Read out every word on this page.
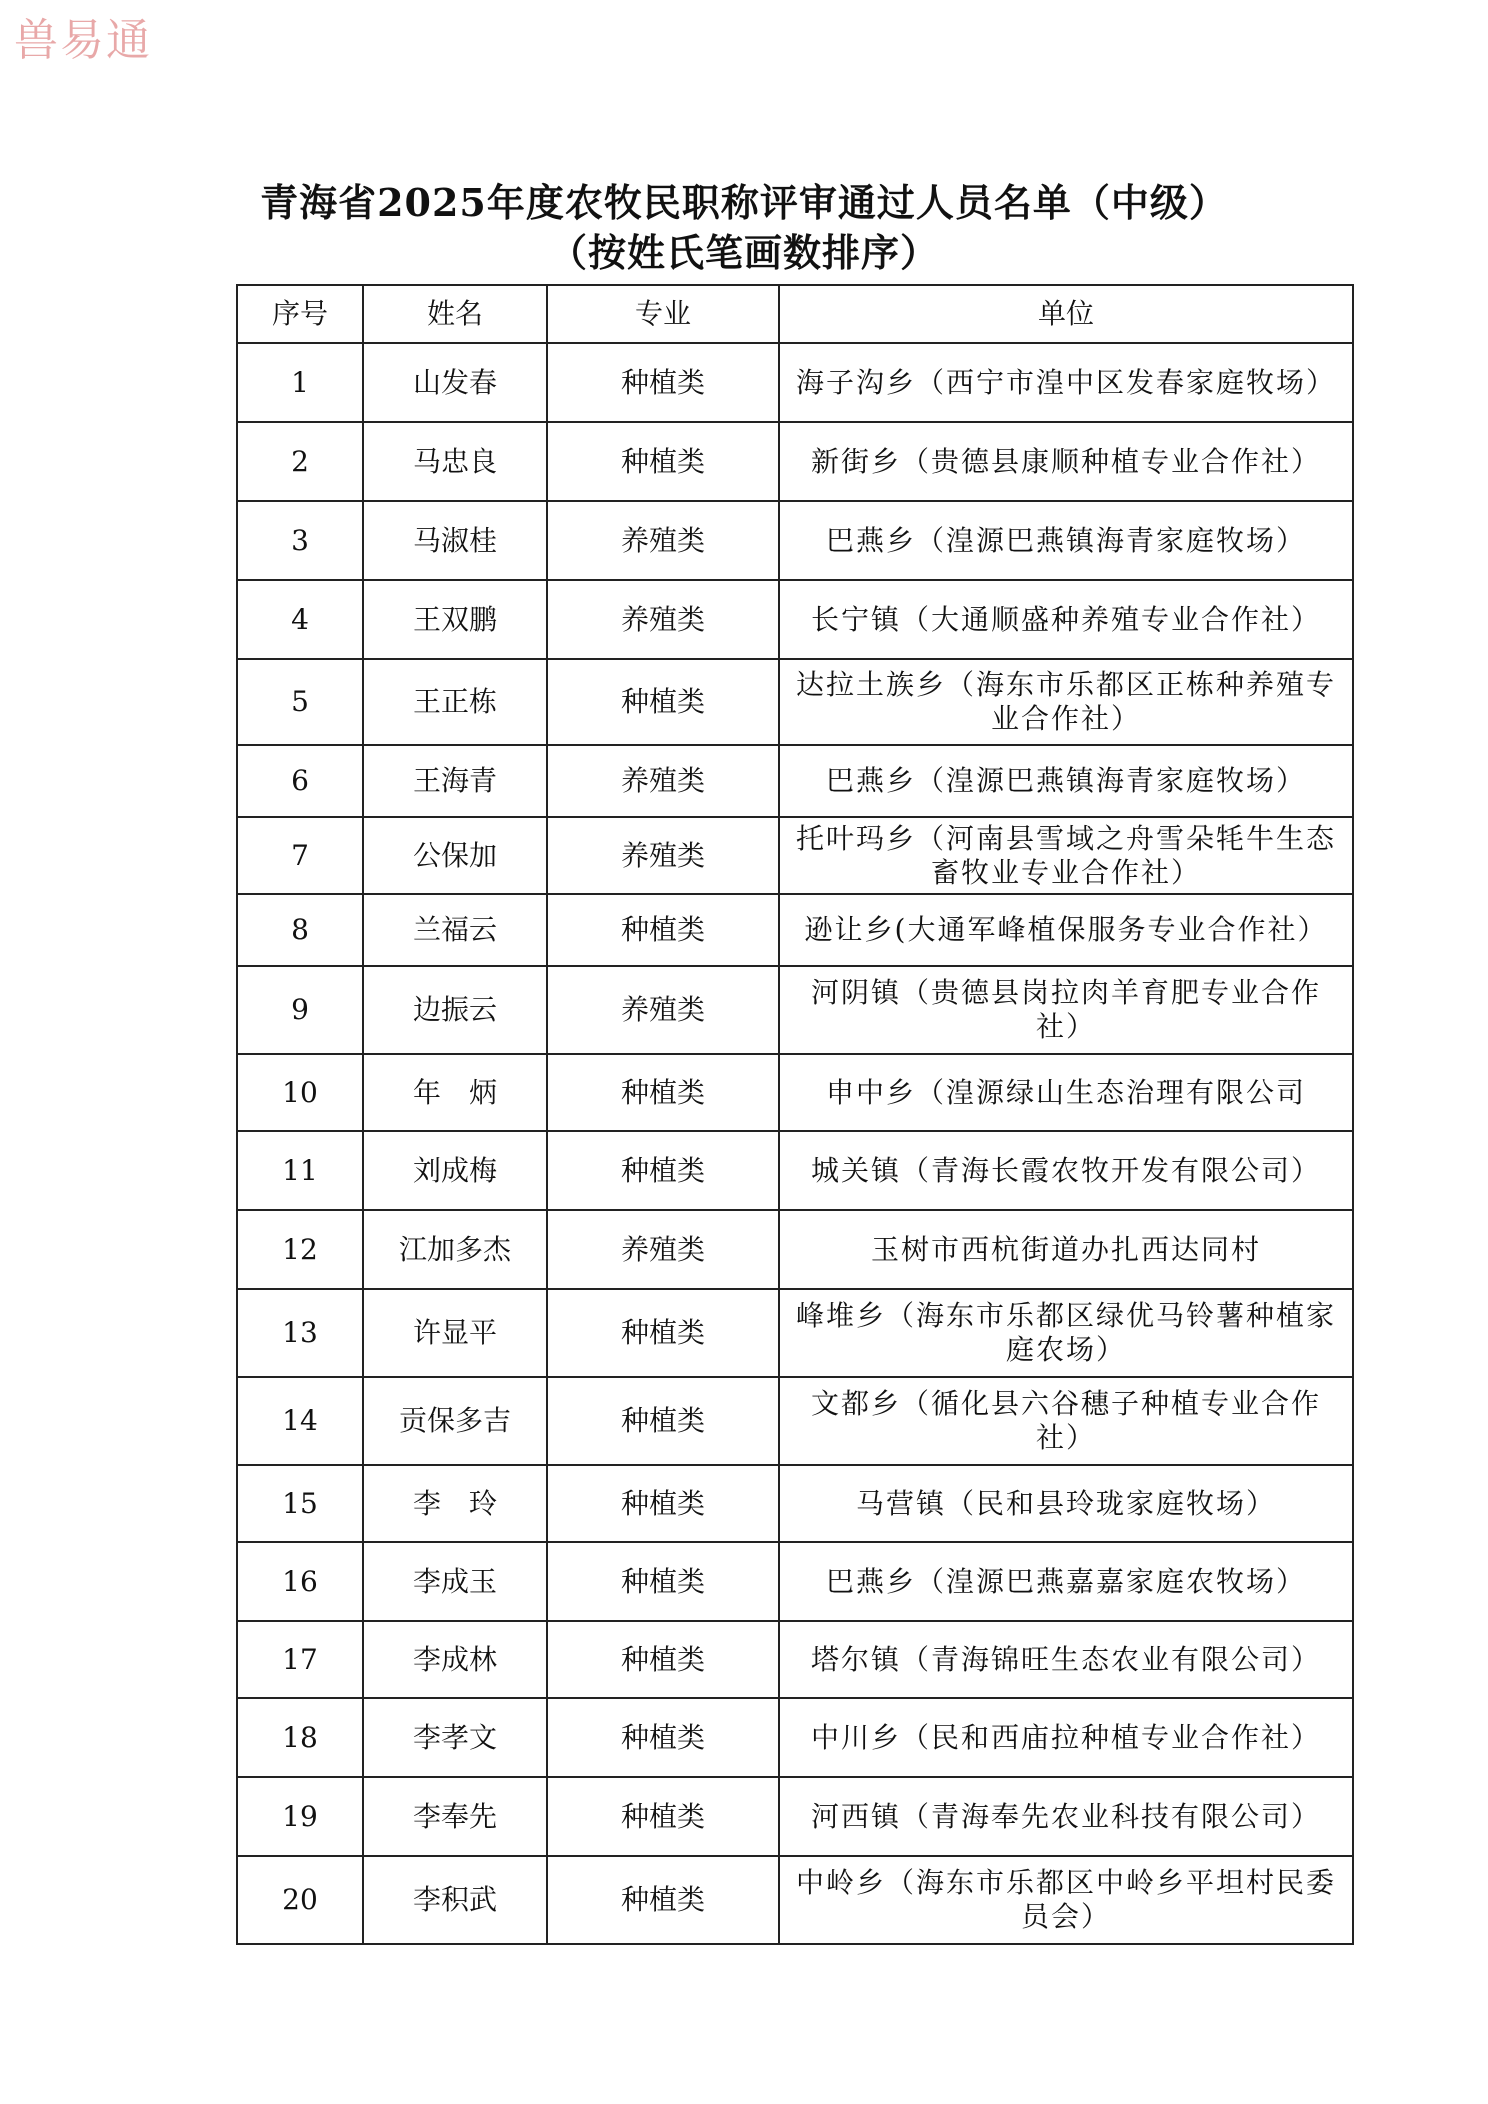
兽易通
青海省2025年度农牧民职称评审通过人员名单（中级）
（按姓氏笔画数排序）
序号	姓名	专业	单位
1	山发春	种植类	海子沟乡（西宁市湟中区发春家庭牧场）
2	马忠良	种植类	新街乡（贵德县康顺种植专业合作社）
3	马淑桂	养殖类	巴燕乡（湟源巴燕镇海青家庭牧场）
4	王双鹏	养殖类	长宁镇（大通顺盛种养殖专业合作社）
5	王正栋	种植类	达拉土族乡（海东市乐都区正栋种养殖专业合作社）
6	王海青	养殖类	巴燕乡（湟源巴燕镇海青家庭牧场）
7	公保加	养殖类	托叶玛乡（河南县雪域之舟雪朵牦牛生态畜牧业专业合作社）
8	兰福云	种植类	逊让乡(大通军峰植保服务专业合作社）
9	边振云	养殖类	河阴镇（贵德县岗拉肉羊育肥专业合作社）
10	年　炳	种植类	申中乡（湟源绿山生态治理有限公司
11	刘成梅	种植类	城关镇（青海长霞农牧开发有限公司）
12	江加多杰	养殖类	玉树市西杭街道办扎西达同村
13	许显平	种植类	峰堆乡（海东市乐都区绿优马铃薯种植家庭农场）
14	贡保多吉	种植类	文都乡（循化县六谷穗子种植专业合作社）
15	李　玲	种植类	马营镇（民和县玲珑家庭牧场）
16	李成玉	种植类	巴燕乡（湟源巴燕嘉嘉家庭农牧场）
17	李成林	种植类	塔尔镇（青海锦旺生态农业有限公司）
18	李孝文	种植类	中川乡（民和西庙拉种植专业合作社）
19	李奉先	种植类	河西镇（青海奉先农业科技有限公司）
20	李积武	种植类	中岭乡（海东市乐都区中岭乡平坦村民委员会）
